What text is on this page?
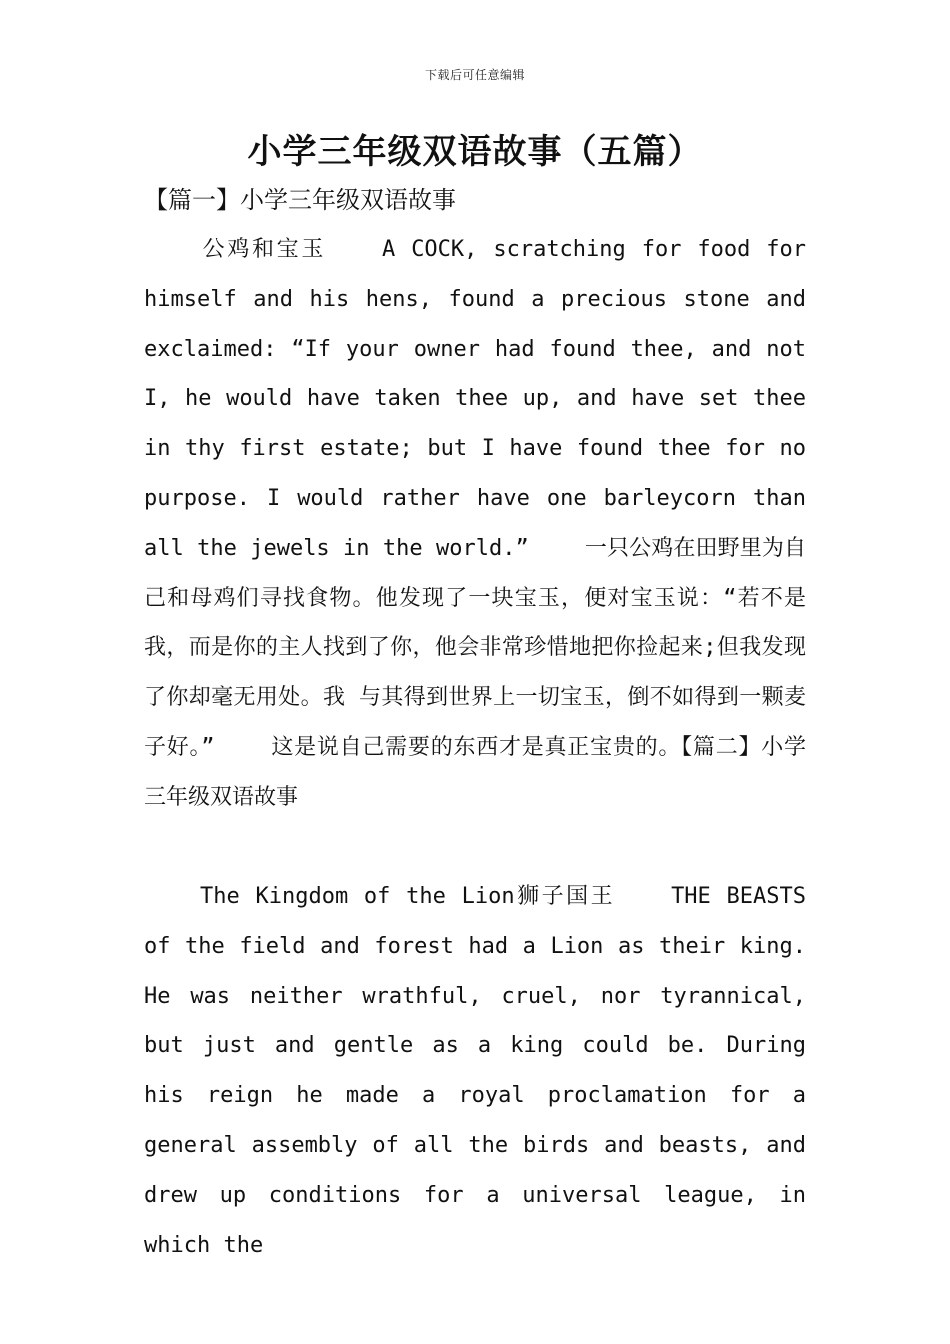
下载后可任意编辑
小学三年级双语故事（五篇）
【篇一】小学三年级双语故事

公鸡和宝玉	A COCK, scratching for food for himself and his hens, found a precious stone and exclaimed: “If your owner had found thee, and not I, he would have taken thee up, and have set thee in thy first estate; but I have found thee for no purpose. I would rather have one barleycorn than all the jewels in the world.”	一只公鸡在田野里为自己和母鸡们寻找食物。他发现了一块宝玉，便对宝玉说：“若不是我，而是你的主人找到了你，他会非常珍惜地把你捡起来;但我发现了你却毫无用处。我 与其得到世界上一切宝玉，倒不如得到一颗麦子好。”	这是说自己需要的东西才是真正宝贵的。【篇二】小学三年级双语故事

The Kingdom of the Lion狮子国王	THE BEASTS of the field and forest had a Lion as their king. He was neither wrathful, cruel, nor tyrannical, but just and gentle as a king could be. During his reign he made a royal proclamation for a general assembly of all the birds and beasts, and drew up conditions for a universal league, in which the
